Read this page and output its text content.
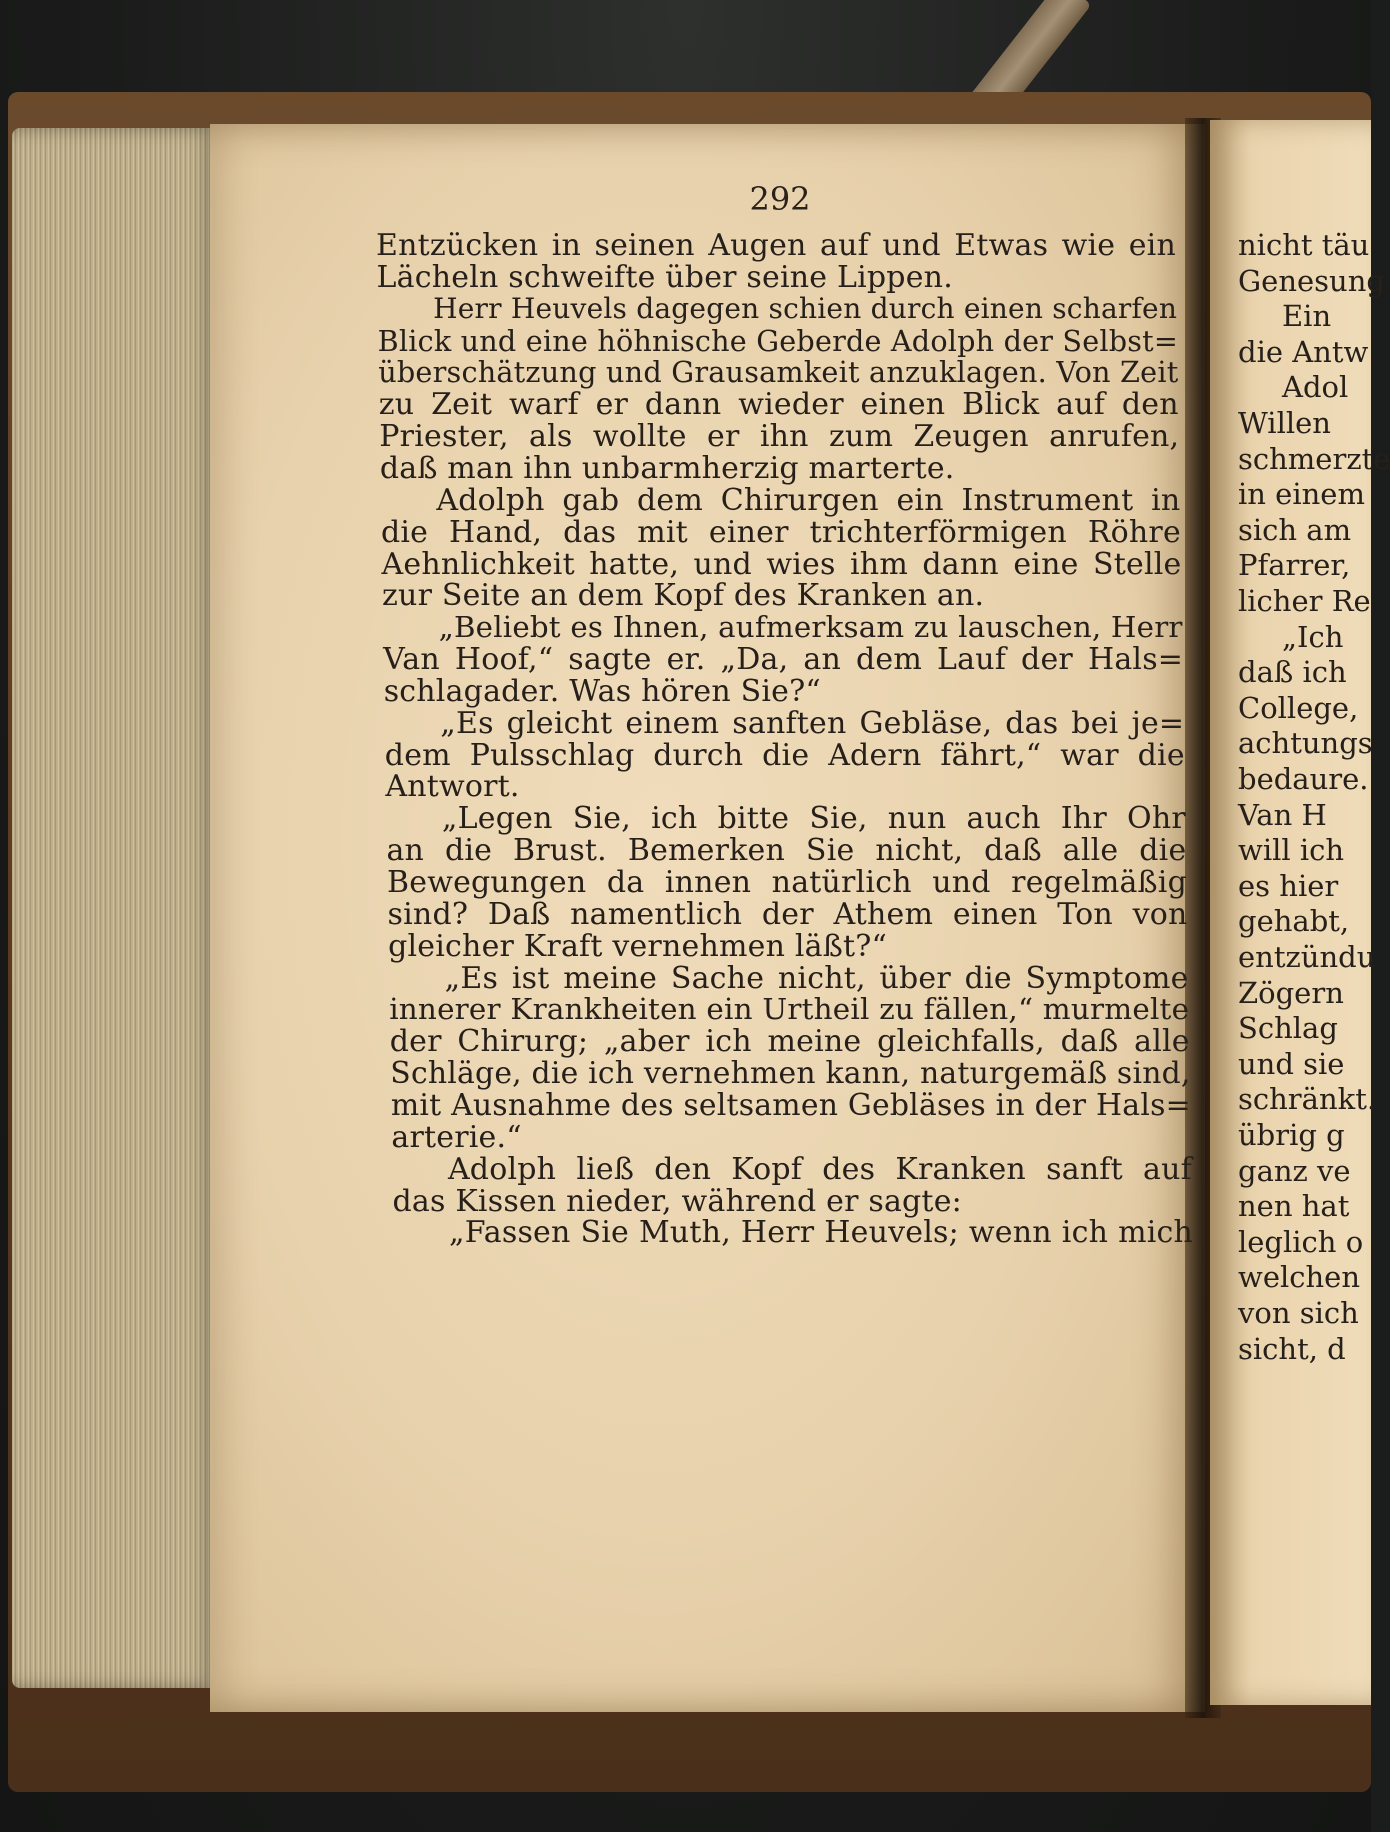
nicht täu
Genesung
Ein
die Antw
Adol
Willen
schmerzte
in einem
sich am
Pfarrer,
licher Re
„Ich
daß ich
College,
achtungs
bedaure.
Van H
will ich
es hier
gehabt,
entzündu
Zögern
Schlag
und sie
schränkt.
übrig g
ganz ve
nen hat
leglich o
welchen
von sich
sicht, d
292
Entzücken in seinen Augen auf und Etwas wie ein
Lächeln schweifte über seine Lippen.
Herr Heuvels dagegen schien durch einen scharfen
Blick und eine höhnische Geberde Adolph der Selbst=
überschätzung und Grausamkeit anzuklagen. Von Zeit
zu Zeit warf er dann wieder einen Blick auf den
Priester, als wollte er ihn zum Zeugen anrufen,
daß man ihn unbarmherzig marterte.
Adolph gab dem Chirurgen ein Instrument in
die Hand, das mit einer trichterförmigen Röhre
Aehnlichkeit hatte, und wies ihm dann eine Stelle
zur Seite an dem Kopf des Kranken an.
„Beliebt es Ihnen, aufmerksam zu lauschen, Herr
Van Hoof,“ sagte er. „Da, an dem Lauf der Hals=
schlagader. Was hören Sie?“
„Es gleicht einem sanften Gebläse, das bei je=
dem Pulsschlag durch die Adern fährt,“ war die
Antwort.
„Legen Sie, ich bitte Sie, nun auch Ihr Ohr
an die Brust. Bemerken Sie nicht, daß alle die
Bewegungen da innen natürlich und regelmäßig
sind? Daß namentlich der Athem einen Ton von
gleicher Kraft vernehmen läßt?“
„Es ist meine Sache nicht, über die Symptome
innerer Krankheiten ein Urtheil zu fällen,“ murmelte
der Chirurg; „aber ich meine gleichfalls, daß alle
Schläge, die ich vernehmen kann, naturgemäß sind,
mit Ausnahme des seltsamen Gebläses in der Hals=
arterie.“
Adolph ließ den Kopf des Kranken sanft auf
das Kissen nieder, während er sagte:
„Fassen Sie Muth, Herr Heuvels; wenn ich mich
